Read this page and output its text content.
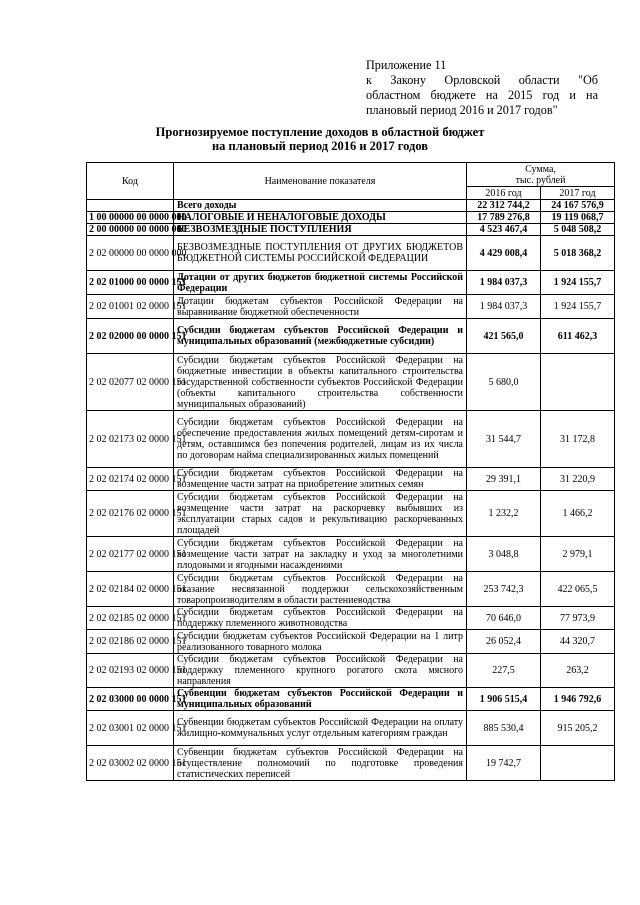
Приложение 11
к Закону Орловской области "Об
областном бюджете на 2015 год и на
плановый период 2016 и 2017 годов"
Прогнозируемое поступление доходов в областной бюджет
на плановый период 2016 и 2017 годов
Код	Наименование показателя	Сумма,
тыс. рублей	

		2016 год	2017 год
	Всего доходы	22 312 744,2	24 167 576,9
1 00 00000 00 0000 000	НАЛОГОВЫЕ И НЕНАЛОГОВЫЕ ДОХОДЫ	17 789 276,8	19 119 068,7
2 00 00000 00 0000 000	БЕЗВОЗМЕЗДНЫЕ ПОСТУПЛЕНИЯ	4 523 467,4	5 048 508,2
2 02 00000 00 0000 000	БЕЗВОЗМЕЗДНЫЕ ПОСТУПЛЕНИЯ ОТ ДРУГИХ БЮДЖЕТОВ БЮДЖЕТНОЙ СИСТЕМЫ РОССИЙСКОЙ ФЕДЕРАЦИИ	4 429 008,4	5 018 368,2
2 02 01000 00 0000 151	Дотации от других бюджетов бюджетной системы Российской Федерации	1 984 037,3	1 924 155,7
2 02 01001 02 0000 151	Дотации бюджетам субъектов Российской Федерации на выравнивание бюджетной обеспеченности	1 984 037,3	1 924 155,7
2 02 02000 00 0000 151	Субсидии бюджетам субъектов Российской Федерации и муниципальных образований (межбюджетные субсидии)	421 565,0	611 462,3
2 02 02077 02 0000 151	Субсидии бюджетам субъектов Российской Федерации на бюджетные инвестиции в объекты капитального строительства государственной собственности субъектов Российской Федерации (объекты капитального строительства собственности муниципальных образований)	5 680,0	
2 02 02173 02 0000 151	Субсидии бюджетам субъектов Российской Федерации на обеспечение предоставления жилых помещений детям-сиротам и детям, оставшимся без попечения родителей, лицам из их числа по договорам найма специализированных жилых помещений	31 544,7	31 172,8
2 02 02174 02 0000 151	Субсидии бюджетам субъектов Российской Федерации на возмещение части затрат на приобретение элитных семян	29 391,1	31 220,9
2 02 02176 02 0000 151	Субсидии бюджетам субъектов Российской Федерации на возмещение части затрат на раскорчевку выбывших из эксплуатации старых садов и рекультивацию раскорчеванных площадей	1 232,2	1 466,2
2 02 02177 02 0000 151	Субсидии бюджетам субъектов Российской Федерации на возмещение части затрат на закладку и уход за многолетними плодовыми и ягодными насаждениями	3 048,8	2 979,1
2 02 02184 02 0000 151	Субсидии бюджетам субъектов Российской Федерации на оказание несвязанной поддержки сельскохозяйственным товаропроизводителям в области растениеводства	253 742,3	422 065,5
2 02 02185 02 0000 151	Субсидии бюджетам субъектов Российской Федерации на поддержку племенного животноводства	70 646,0	77 973,9
2 02 02186 02 0000 151	Субсидии бюджетам субъектов Российской Федерации на 1 литр реализованного товарного молока	26 052,4	44 320,7
2 02 02193 02 0000 151	Субсидии бюджетам субъектов Российской Федерации на поддержку племенного крупного рогатого скота мясного направления	227,5	263,2
2 02 03000 00 0000 151	Субвенции бюджетам субъектов Российской Федерации и муниципальных образований	1 906 515,4	1 946 792,6
2 02 03001 02 0000 151	Субвенции бюджетам субъектов Российской Федерации на оплату жилищно-коммунальных услуг отдельным категориям граждан	885 530,4	915 205,2
2 02 03002 02 0000 151	Субвенции бюджетам субъектов Российской Федерации на осуществление полномочий по подготовке проведения статистических переписей	19 742,7	
